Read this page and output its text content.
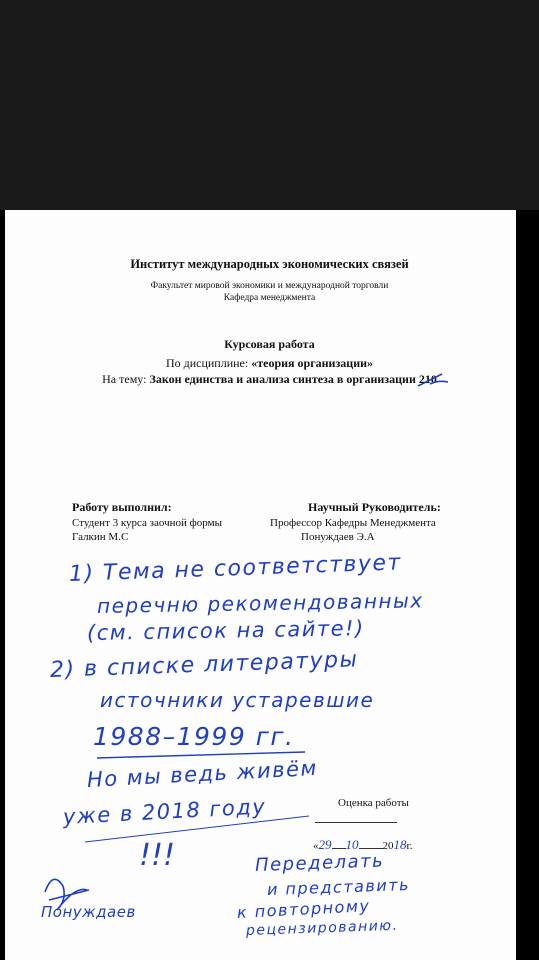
Институт международных экономических связей
Факультет мировой экономики и международной торговли
Кафедра менеджмента
Курсовая работа
По дисциплине: «теория организации»
На тему: Закон единства и анализа синтеза в организации 210
Работу выполнил:
Студент 3 курса заочной формы
Галкин М.С
Научный Руководитель:
Профессор Кафедры Менеджмента
Понуждаев Э.А
Оценка работы
«29 10 2018г.
1) Тема не соответствует
перечню рекомендованных
(см. список на сайте!)
2) в списке литературы
источники устаревшие
1988–1999 гг.
Но мы ведь живём
уже в 2018 году
!!!	Переделать
и представить
к повторному
рецензированию.
Понуждаев
